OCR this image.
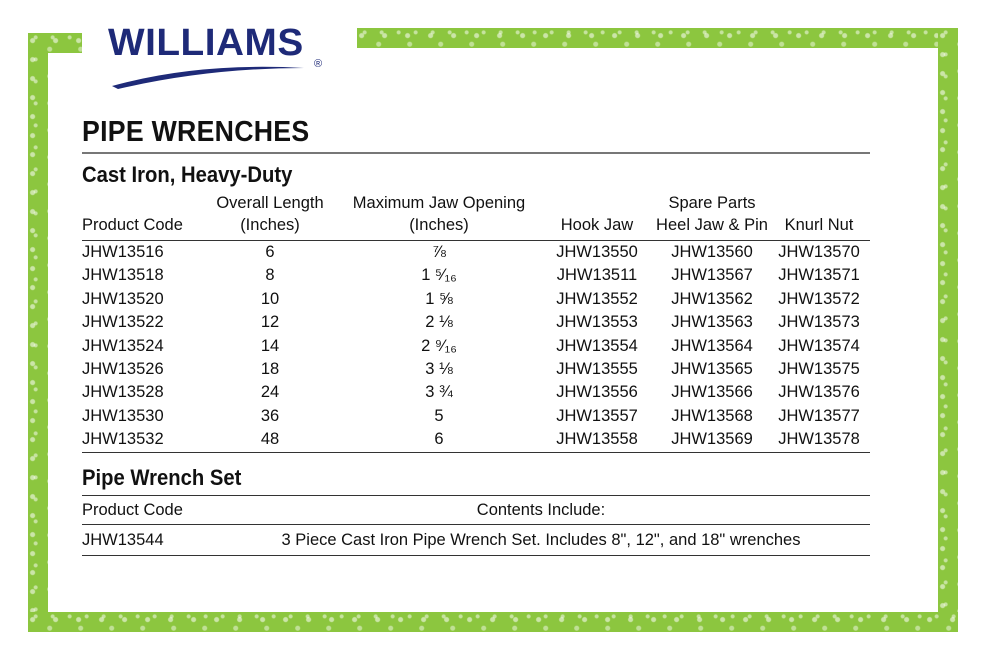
WILLIAMS ®
PIPE WRENCHES
Cast Iron, Heavy-Duty
	Overall Length	Maximum Jaw Opening		Spare Parts	
Product Code	(Inches)	(Inches)	Hook Jaw	Heel Jaw & Pin	Knurl Nut
JHW13516	6	⅞	JHW13550	JHW13560	JHW13570
JHW13518	8	1 ⁵⁄₁₆	JHW13511	JHW13567	JHW13571
JHW13520	10	1 ⅝	JHW13552	JHW13562	JHW13572
JHW13522	12	2 ⅛	JHW13553	JHW13563	JHW13573
JHW13524	14	2 ⁹⁄₁₆	JHW13554	JHW13564	JHW13574
JHW13526	18	3 ⅛	JHW13555	JHW13565	JHW13575
JHW13528	24	3 ¾	JHW13556	JHW13566	JHW13576
JHW13530	36	5	JHW13557	JHW13568	JHW13577
JHW13532	48	6	JHW13558	JHW13569	JHW13578
Pipe Wrench Set
Product Code	Contents Include:
JHW13544	3 Piece Cast Iron Pipe Wrench Set. Includes 8", 12", and 18" wrenches
